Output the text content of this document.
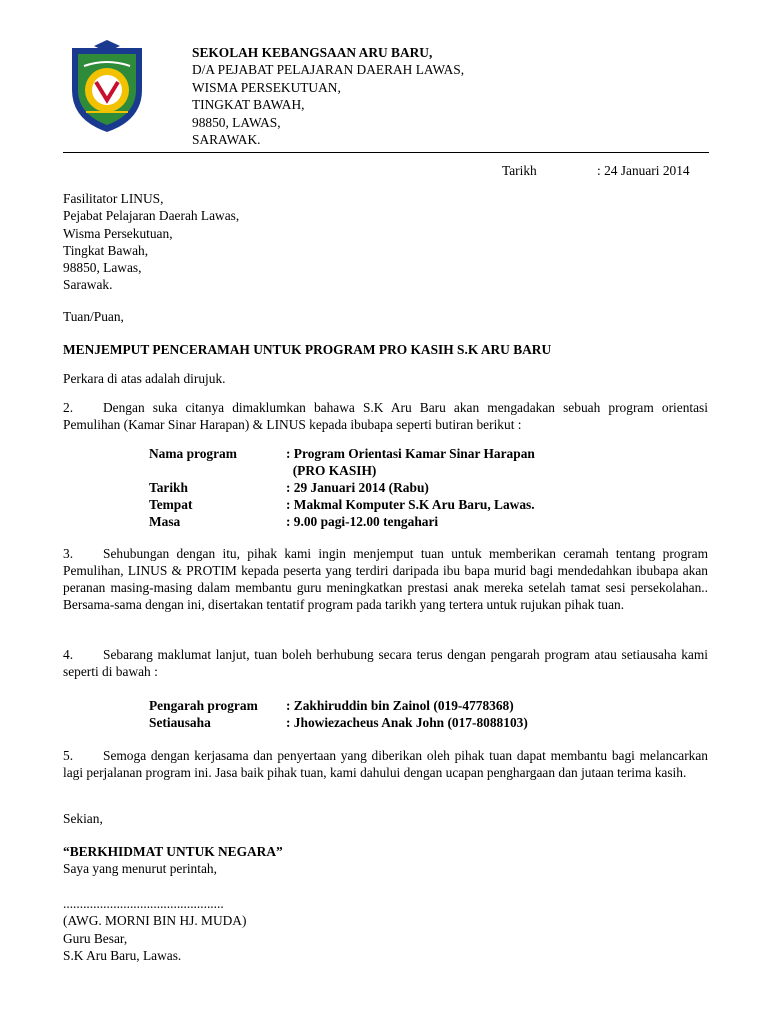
SEKOLAH KEBANGSAAN ARU BARU,
D/A PEJABAT PELAJARAN DAERAH LAWAS,
WISMA PERSEKUTUAN,
TINGKAT BAWAH,
98850, LAWAS,
SARAWAK.
Tarikh	: 24 Januari 2014
Fasilitator LINUS,
Pejabat Pelajaran Daerah Lawas,
Wisma Persekutuan,
Tingkat Bawah,
98850, Lawas,
Sarawak.
Tuan/Puan,
MENJEMPUT PENCERAMAH UNTUK PROGRAM PRO KASIH S.K ARU BARU
Perkara di atas adalah dirujuk.
2. Dengan suka citanya dimaklumkan bahawa S.K Aru Baru akan mengadakan sebuah program orientasi Pemulihan (Kamar Sinar Harapan) & LINUS kepada ibubapa seperti butiran berikut :
Nama program	: Program Orientasi Kamar Sinar Harapan
(PRO KASIH)
Tarikh	: 29 Januari 2014 (Rabu)
Tempat	: Makmal Komputer S.K Aru Baru, Lawas.
Masa	: 9.00 pagi-12.00 tengahari
3. Sehubungan dengan itu, pihak kami ingin menjemput tuan untuk memberikan ceramah tentang program Pemulihan, LINUS & PROTIM kepada peserta yang terdiri daripada ibu bapa murid bagi mendedahkan ibubapa akan peranan masing-masing dalam membantu guru meningkatkan prestasi anak mereka setelah tamat sesi persekolahan.. Bersama-sama dengan ini, disertakan tentatif program pada tarikh yang tertera untuk rujukan pihak tuan.
4. Sebarang maklumat lanjut, tuan boleh berhubung secara terus dengan pengarah program atau setiausaha kami seperti di bawah :
Pengarah program	: Zakhiruddin bin Zainol (019-4778368)
Setiausaha	: Jhowiezacheus Anak John (017-8088103)
5. Semoga dengan kerjasama dan penyertaan yang diberikan oleh pihak tuan dapat membantu bagi melancarkan lagi perjalanan program ini. Jasa baik pihak tuan, kami dahului dengan ucapan penghargaan dan jutaan terima kasih.
Sekian,
“BERKHIDMAT UNTUK NEGARA”
Saya yang menurut perintah,
................................................
(AWG. MORNI BIN HJ. MUDA)
Guru Besar,
S.K Aru Baru, Lawas.
